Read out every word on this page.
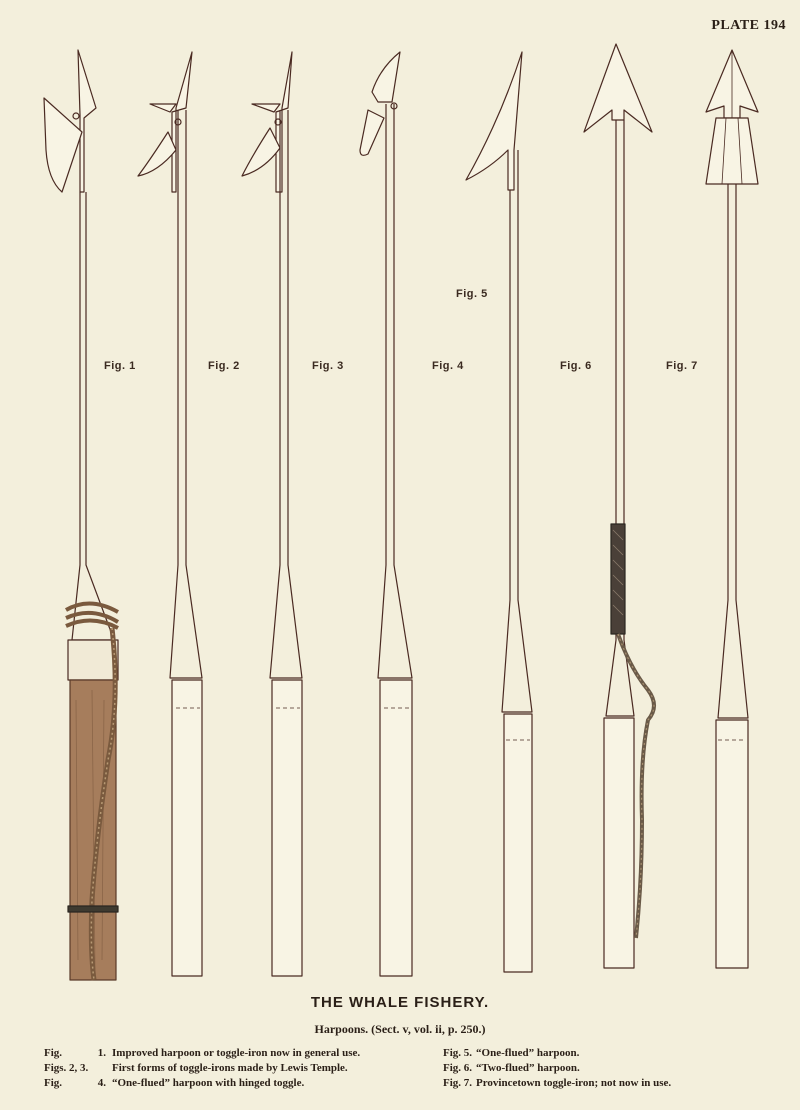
PLATE 194
Fig. 1	Fig. 2	Fig. 3	Fig. 4
Fig. 5
Fig. 6	Fig. 7
THE WHALE FISHERY.
Harpoons. (Sect. v, vol. ii, p. 250.)
Fig.	1. Improved harpoon or toggle-iron now in general use.
Figs. 2, 3.	First forms of toggle-irons made by Lewis Temple.
Fig.	4. “One-flued” harpoon with hinged toggle.
Fig. 5. “One-flued” harpoon.
Fig. 6. “Two-flued” harpoon.
Fig. 7. Provincetown toggle-iron; not now in use.
